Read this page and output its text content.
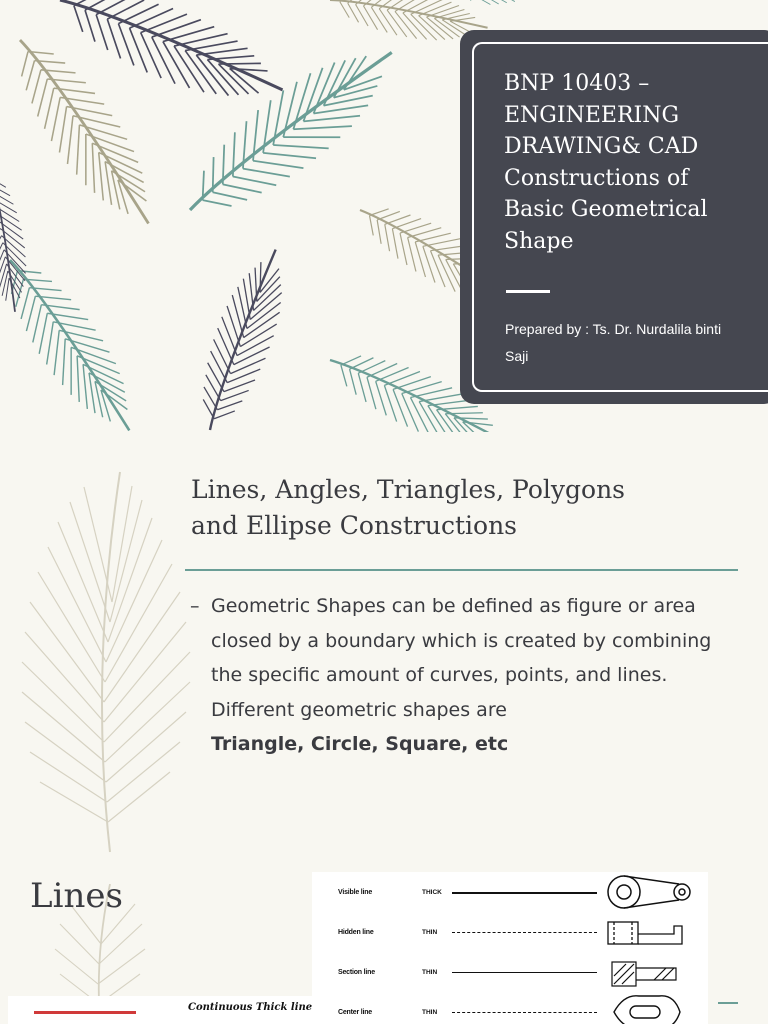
BNP 10403 –
ENGINEERING
DRAWING& CAD
Constructions of
Basic Geometrical
Shape
Prepared by : Ts. Dr. Nurdalila binti Saji
Lines, Angles, Triangles, Polygons
and Ellipse Constructions
– Geometric Shapes can be defined as figure or area closed by a boundary which is created by combining the specific amount of curves, points, and lines. Different geometric shapes are
Triangle, Circle, Square, etc
Lines
Continuous Thick line
Visible line	THICK
Hidden line	THIN
Section line	THIN
Center line	THIN
